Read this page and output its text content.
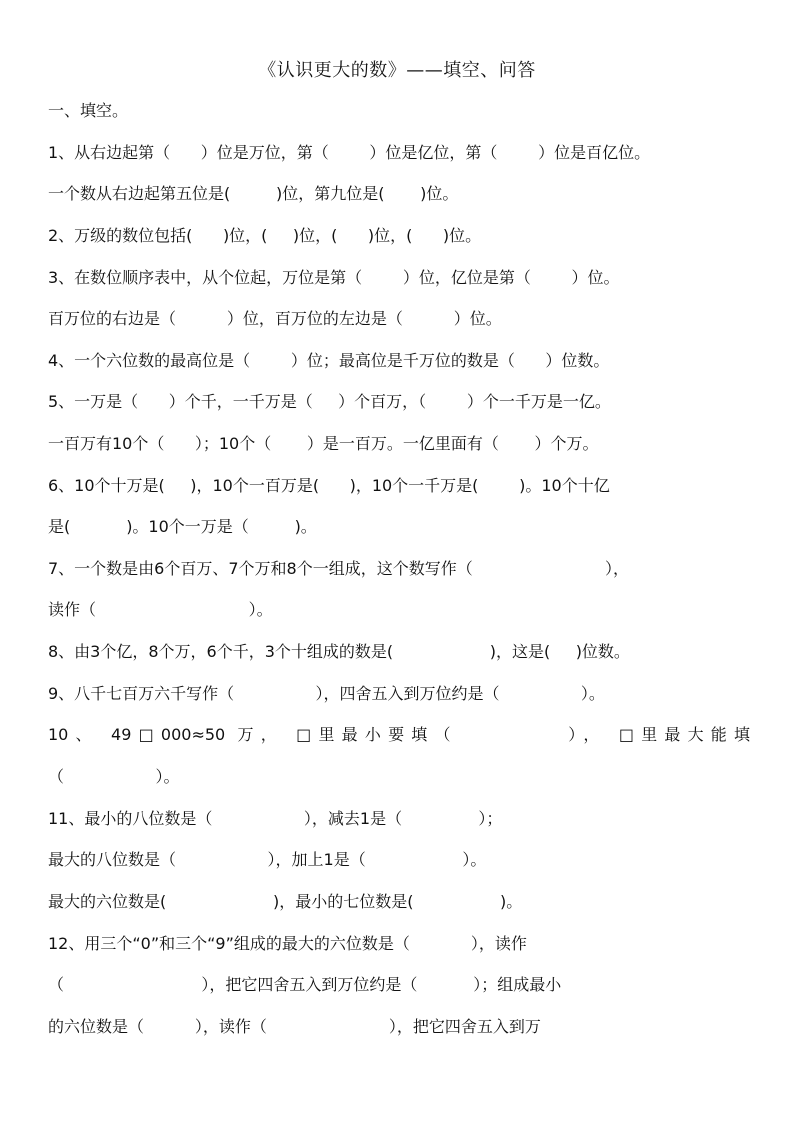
《认识更大的数》——填空、问答
一、填空。
1、从右边起第（      ）位是万位，第（        ）位是亿位，第（        ）位是百亿位。
一个数从右边起第五位是(         )位，第九位是(       )位。
2、万级的数位包括(      )位，(     )位，(      )位，(      )位。
3、在数位顺序表中，从个位起，万位是第（        ）位，亿位是第（        ）位。
百万位的右边是（          ）位，百万位的左边是（          ）位。
4、一个六位数的最高位是（        ）位；最高位是千万位的数是（      ）位数。
5、一万是（      ）个千，一千万是（     ）个百万，（        ）个一千万是一亿。
一百万有10个（      ）；10个（       ）是一百万。一亿里面有（       ）个万。
6、10个十万是(     )，10个一百万是(      )，10个一千万是(        )。10个十亿
是(           )。10个一万是（         )。
7、一个数是由6个百万、7个万和8个一组成，这个数写作（                          ），
读作（                              ）。
8、由3个亿，8个万，6个千，3个十组成的数是(                   )，这是(     )位数。
9、八千七百万六千写作（                ），四舍五入到万位约是（                ）。
10、 49□000≈50 万， □里最小要填（         ）， □里最大能填
（                  ）。
11、最小的八位数是（                  ），减去1是（               ）；
最大的八位数是（                  ），加上1是（                   ）。
最大的六位数是(                     )，最小的七位数是(                 )。
12、用三个“0”和三个“9”组成的最大的六位数是（            ），读作
（                           ），把它四舍五入到万位约是（           ）；组成最小
的六位数是（          ），读作（                        ），把它四舍五入到万
